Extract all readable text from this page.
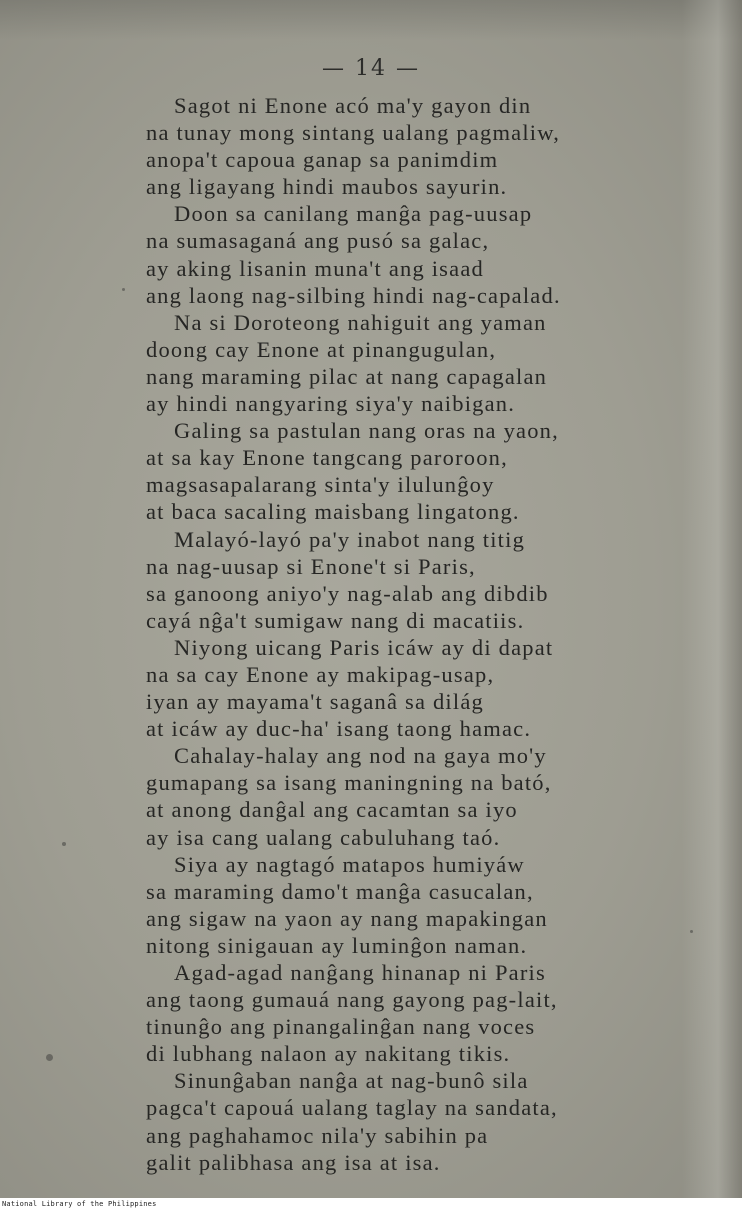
— 14 —
Sagot ni Enone acó ma'y gayon din
na tunay mong sintang ualang pagmaliw,
anopa't capoua ganap sa panimdim
ang ligayang hindi maubos sayurin.
Doon sa canilang manĝa pag-uusap
na sumasaganá ang pusó sa galac,
ay aking lisanin muna't ang isaad
ang laong nag-silbing hindi nag-capalad.
Na si Doroteong nahiguit ang yaman
doong cay Enone at pinangugulan,
nang maraming pilac at nang capagalan
ay hindi nangyaring siya'y naibigan.
Galing sa pastulan nang oras na yaon,
at sa kay Enone tangcang paroroon,
magsasapalarang sinta'y ilulunĝoy
at baca sacaling maisbang lingatong.
Malayó-layó pa'y inabot nang titig
na nag-uusap si Enone't si Paris,
sa ganoong aniyo'y nag-alab ang dibdib
cayá nĝa't sumigaw nang di macatiis.
Niyong uicang Paris icáw ay di dapat
na sa cay Enone ay makipag-usap,
iyan ay mayama't saganâ sa dilág
at icáw ay duc-ha' isang taong hamac.
Cahalay-halay ang nod na gaya mo'y
gumapang sa isang maningning na bató,
at anong danĝal ang cacamtan sa iyo
ay isa cang ualang cabuluhang taó.
Siya ay nagtagó matapos humiyáw
sa maraming damo't manĝa casucalan,
ang sigaw na yaon ay nang mapakingan
nitong sinigauan ay luminĝon naman.
Agad-agad nanĝang hinanap ni Paris
ang taong gumauá nang gayong pag-lait,
tinunĝo ang pinangalinĝan nang voces
di lubhang nalaon ay nakitang tikis.
Sinunĝaban nanĝa at nag-bunô sila
pagca't capouá ualang taglay na sandata,
ang paghahamoc nila'y sabihin pa
galit palibhasa ang isa at isa.
National Library of the Philippines
